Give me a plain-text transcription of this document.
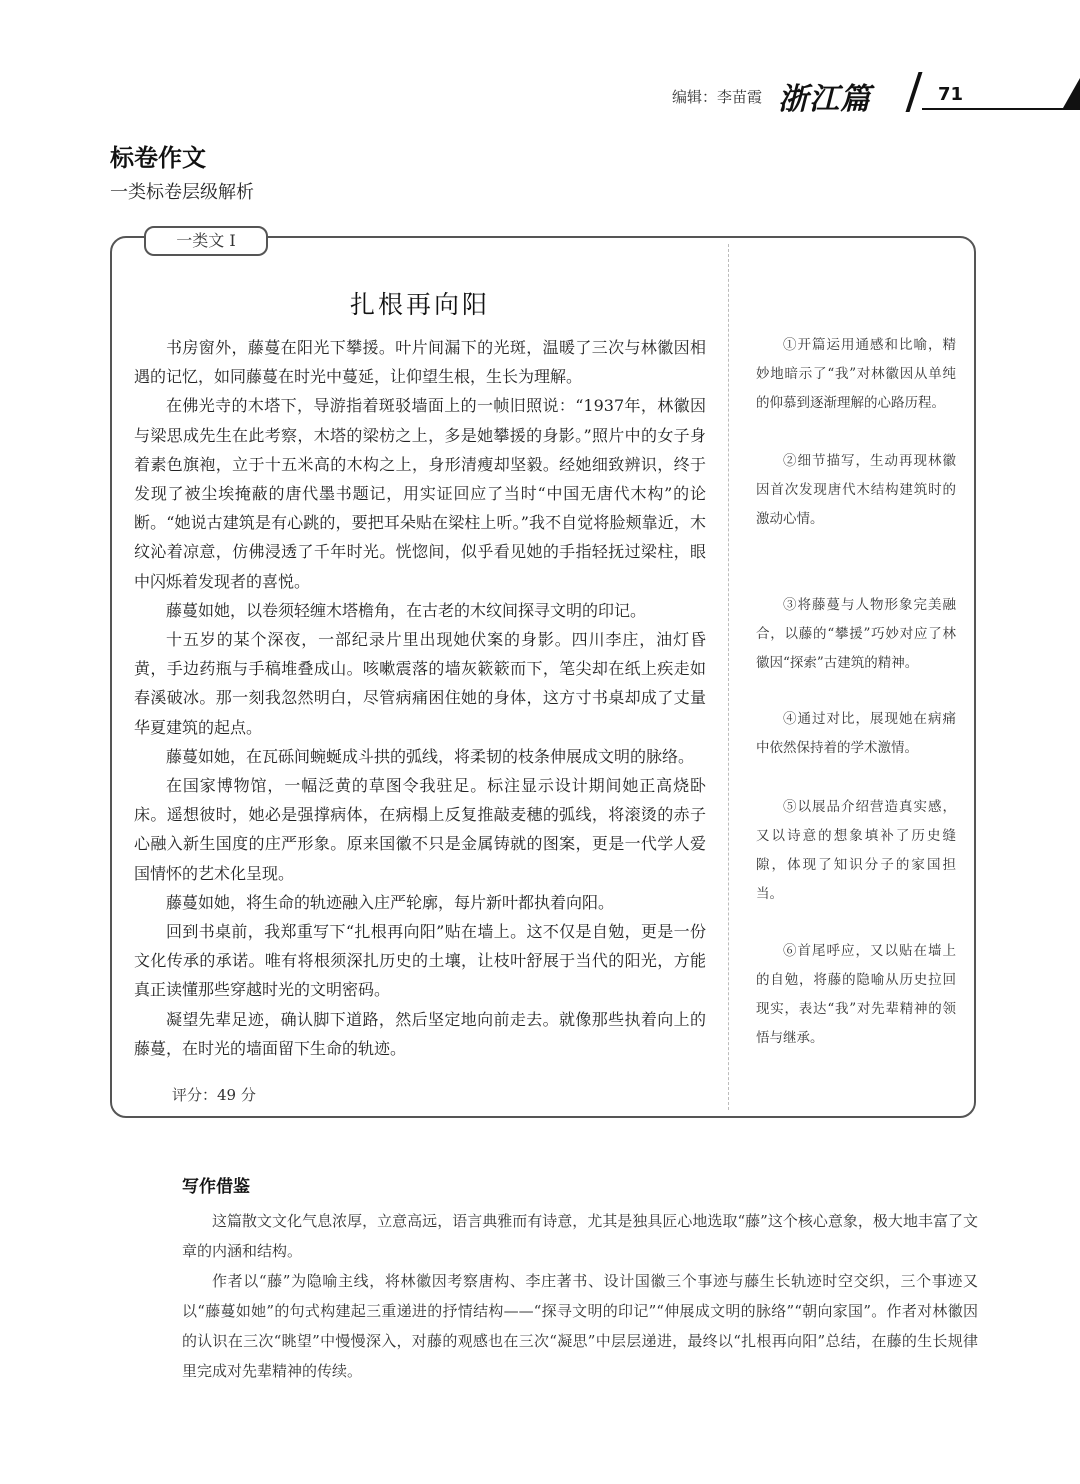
编辑：李苗霞 浙江篇	71
标卷作文
一类标卷层级解析
一类文 Ⅰ
扎根再向阳

书房窗外，藤蔓在阳光下攀援。叶片间漏下的光斑，温暖了三次与林徽因相遇的记忆，如同藤蔓在时光中蔓延，让仰望生根，生长为理解。

在佛光寺的木塔下，导游指着斑驳墙面上的一帧旧照说：“1937年，林徽因与梁思成先生在此考察，木塔的梁枋之上，多是她攀援的身影。”照片中的女子身着素色旗袍，立于十五米高的木构之上，身形清瘦却坚毅。经她细致辨识，终于发现了被尘埃掩蔽的唐代墨书题记，用实证回应了当时“中国无唐代木构”的论断。“她说古建筑是有心跳的，要把耳朵贴在梁柱上听。”我不自觉将脸颊靠近，木纹沁着凉意，仿佛浸透了千年时光。恍惚间，似乎看见她的手指轻抚过梁柱，眼中闪烁着发现者的喜悦。

藤蔓如她，以卷须轻缠木塔檐角，在古老的木纹间探寻文明的印记。

十五岁的某个深夜，一部纪录片里出现她伏案的身影。四川李庄，油灯昏黄，手边药瓶与手稿堆叠成山。咳嗽震落的墙灰簌簌而下，笔尖却在纸上疾走如春溪破冰。那一刻我忽然明白，尽管病痛困住她的身体，这方寸书桌却成了丈量华夏建筑的起点。

藤蔓如她，在瓦砾间蜿蜒成斗拱的弧线，将柔韧的枝条伸展成文明的脉络。

在国家博物馆，一幅泛黄的草图令我驻足。标注显示设计期间她正高烧卧床。遥想彼时，她必是强撑病体，在病榻上反复推敲麦穗的弧线，将滚烫的赤子心融入新生国度的庄严形象。原来国徽不只是金属铸就的图案，更是一代学人爱国情怀的艺术化呈现。

藤蔓如她，将生命的轨迹融入庄严轮廓，每片新叶都执着向阳。

回到书桌前，我郑重写下“扎根再向阳”贴在墙上。这不仅是自勉，更是一份文化传承的承诺。唯有将根须深扎历史的土壤，让枝叶舒展于当代的阳光，方能真正读懂那些穿越时光的文明密码。

凝望先辈足迹，确认脚下道路，然后坚定地向前走去。就像那些执着向上的藤蔓，在时光的墙面留下生命的轨迹。

评分：49 分
①开篇运用通感和比喻，精妙地暗示了“我”对林徽因从单纯的仰慕到逐渐理解的心路历程。
②细节描写，生动再现林徽因首次发现唐代木结构建筑时的激动心情。
③将藤蔓与人物形象完美融合，以藤的“攀援”巧妙对应了林徽因“探索”古建筑的精神。
④通过对比，展现她在病痛中依然保持着的学术激情。
⑤以展品介绍营造真实感，又以诗意的想象填补了历史缝隙，体现了知识分子的家国担当。
⑥首尾呼应，又以贴在墙上的自勉，将藤的隐喻从历史拉回现实，表达“我”对先辈精神的领悟与继承。
写作借鉴

这篇散文文化气息浓厚，立意高远，语言典雅而有诗意，尤其是独具匠心地选取“藤”这个核心意象，极大地丰富了文章的内涵和结构。

作者以“藤”为隐喻主线，将林徽因考察唐构、李庄著书、设计国徽三个事迹与藤生长轨迹时空交织，三个事迹又以“藤蔓如她”的句式构建起三重递进的抒情结构——“探寻文明的印记”“伸展成文明的脉络”“朝向家国”。作者对林徽因的认识在三次“眺望”中慢慢深入，对藤的观感也在三次“凝思”中层层递进，最终以“扎根再向阳”总结，在藤的生长规律里完成对先辈精神的传续。
